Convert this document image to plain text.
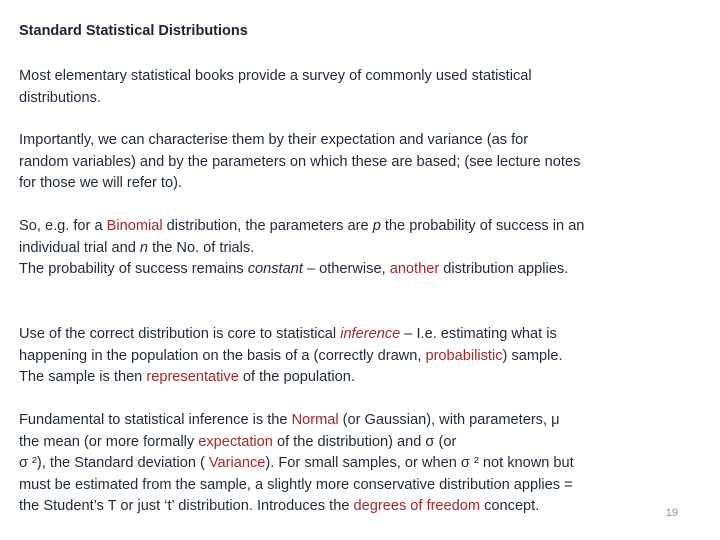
Standard Statistical Distributions
Most elementary statistical books provide a survey of commonly used statistical
distributions.
Importantly, we can characterise them by their expectation and variance (as for
random variables) and by the parameters on which these are based; (see lecture notes
for those we will refer to).
So, e.g. for a Binomial distribution, the parameters are p the probability of success in an
individual trial and n the No. of trials.
The probability of success remains constant – otherwise, another distribution applies.
Use of the correct distribution is core to statistical inference – I.e. estimating what is
happening in the population on the basis of a (correctly drawn, probabilistic) sample.
The sample is then representative of the population.
Fundamental to statistical inference is the Normal (or Gaussian), with parameters, μ
the mean (or more formally expectation of the distribution) and σ (or
σ ²), the Standard deviation ( Variance). For small samples, or when σ ² not known but
must be estimated from the sample, a slightly more conservative distribution applies =
the Student’s T or just ‘t’ distribution. Introduces the degrees of freedom concept.	19
